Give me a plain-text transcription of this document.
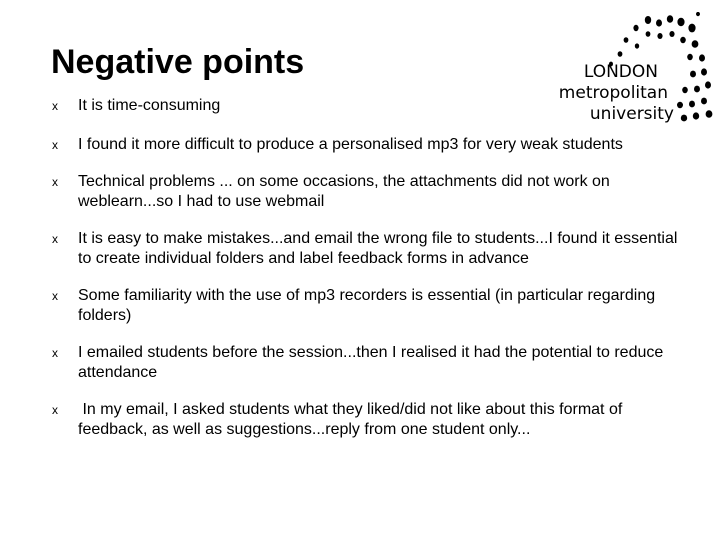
Negative points	LONDON
metropolitan
university
x It is time-consuming
x I found it more difficult to produce a personalised mp3 for very weak students
x Technical problems ... on some occasions, the attachments did not work on weblearn...so I had to use webmail
x It is easy to make mistakes...and email the wrong file to students...I found it essential to create individual folders and label feedback forms in advance
x Some familiarity with the use of mp3 recorders is essential (in particular regarding folders)
x I emailed students before the session...then I realised it had the potential to reduce attendance
x In my email, I asked students what they liked/did not like about this format of feedback, as well as suggestions...reply from one student only...
